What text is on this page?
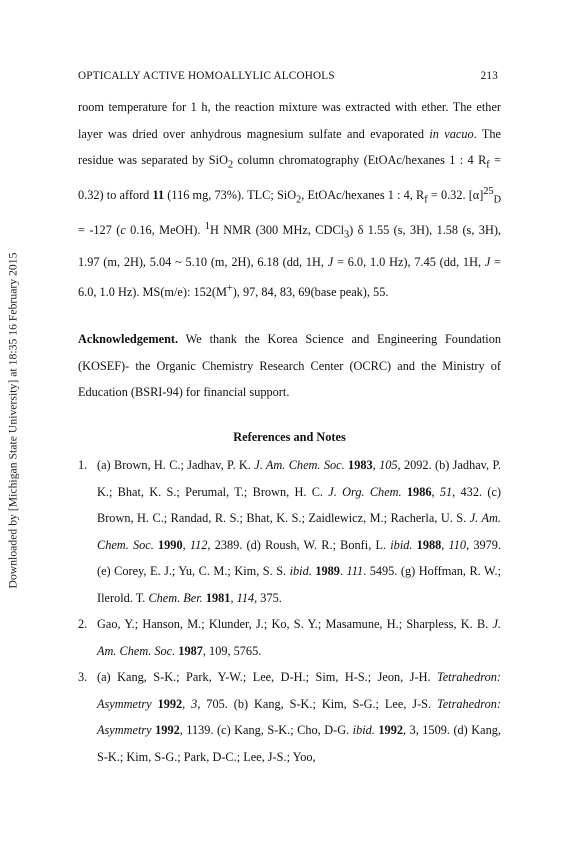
Downloaded by [Michigan State University] at 18:35 16 February 2015
OPTICALLY ACTIVE HOMOALLYLIC ALCOHOLS	213

room temperature for 1 h, the reaction mixture was extracted with ether. The ether layer was dried over anhydrous magnesium sulfate and evaporated in vacuo. The residue was separated by SiO$_2$ column chromatography (EtOAc/hexanes 1 : 4 $R_f = 0.32$) to afford 11 (116 mg, 73%). TLC; SiO$_2$, EtOAc/hexanes 1 : 4, $R_f = 0.32$. $[\alpha]^{25}_D = -127$ (c 0.16, MeOH). $^1$H NMR (300 MHz, CDCl$_3$) δ 1.55 (s, 3H), 1.58 (s, 3H), 1.97 (m, 2H), 5.04 ~ 5.10 (m, 2H), 6.18 (dd, 1H, J = 6.0, 1.0 Hz), 7.45 (dd, 1H, J = 6.0, 1.0 Hz). MS(m/e): 152(M+), 97, 84, 83, 69(base peak), 55.

Acknowledgement. We thank the Korea Science and Engineering Foundation (KOSEF)- the Organic Chemistry Research Center (OCRC) and the Ministry of Education (BSRI-94) for financial support.

References and Notes
1. (a) Brown, H. C.; Jadhav, P. K. J. Am. Chem. Soc. 1983, 105, 2092. (b) Jadhav, P. K.; Bhat, K. S.; Perumal, T.; Brown, H. C. J. Org. Chem. 1986, 51, 432. (c) Brown, H. C.; Randad, R. S.; Bhat, K. S.; Zaidlewicz, M.; Racherla, U. S. J. Am. Chem. Soc. 1990, 112, 2389. (d) Roush, W. R.; Bonfi, L. ibid. 1988, 110, 3979. (e) Corey, E. J.; Yu, C. M.; Kim, S. S. ibid. 1989. 111. 5495. (g) Hoffman, R. W.; Ilerold. T. Chem. Ber. 1981, 114, 375.
2. Gao, Y.; Hanson, M.; Klunder, J.; Ko, S. Y.; Masamune, H.; Sharpless, K. B. J. Am. Chem. Soc. 1987, 109, 5765.
3. (a) Kang, S-K.; Park, Y-W.; Lee, D-H.; Sim, H-S.; Jeon, J-H. Tetrahedron: Asymmetry 1992, 3, 705. (b) Kang, S-K.; Kim, S-G.; Lee, J-S. Tetrahedron: Asymmetry 1992, 1139. (c) Kang, S-K.; Cho, D-G. ibid. 1992, 3, 1509. (d) Kang, S-K.; Kim, S-G.; Park, D-C.; Lee, J-S.; Yoo,
